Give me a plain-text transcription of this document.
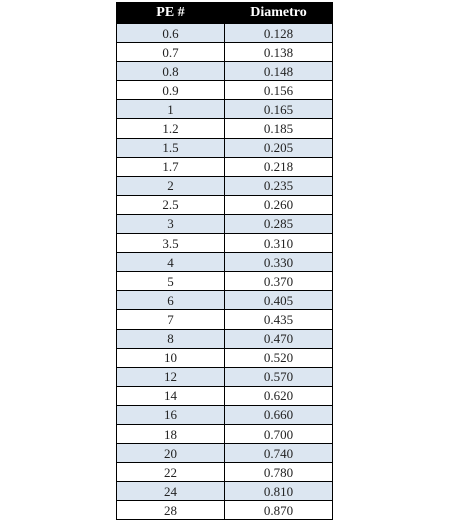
PE #	Diametro
0.6	0.128
0.7	0.138
0.8	0.148
0.9	0.156
1	0.165
1.2	0.185
1.5	0.205
1.7	0.218
2	0.235
2.5	0.260
3	0.285
3.5	0.310
4	0.330
5	0.370
6	0.405
7	0.435
8	0.470
10	0.520
12	0.570
14	0.620
16	0.660
18	0.700
20	0.740
22	0.780
24	0.810
28	0.870
